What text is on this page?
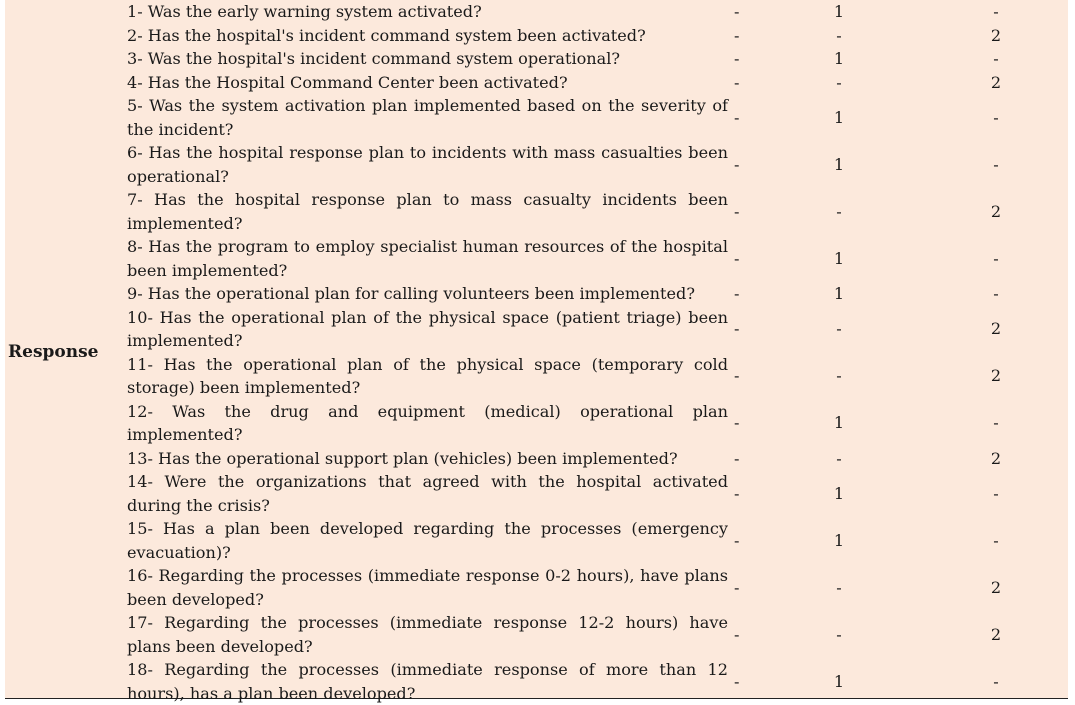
Response	1- Was the early warning system activated?	-	1	-
	2- Has the hospital's incident command system been activated?	-	-	2
	3- Was the hospital's incident command system operational?	-	1	-
	4- Has the Hospital Command Center been activated?	-	-	2
	5- Was the system activation plan implemented based on the severity of the incident?	-	1	-
	6- Has the hospital response plan to incidents with mass casualties been operational?	-	1	-
	7- Has the hospital response plan to mass casualty incidents been implemented?	-	-	2
	8- Has the program to employ specialist human resources of the hospital been implemented?	-	1	-
	9- Has the operational plan for calling volunteers been implemented?	-	1	-
	10- Has the operational plan of the physical space (patient triage) been implemented?	-	-	2
	11- Has the operational plan of the physical space (temporary cold storage) been implemented?	-	-	2
	12- Was the drug and equipment (medical) operational plan implemented?	-	1	-
	13- Has the operational support plan (vehicles) been implemented?	-	-	2
	14- Were the organizations that agreed with the hospital activated during the crisis?	-	1	-
	15- Has a plan been developed regarding the processes (emergency evacuation)?	-	1	-
	16- Regarding the processes (immediate response 0-2 hours), have plans been developed?	-	-	2
	17- Regarding the processes (immediate response 12-2 hours) have plans been developed?	-	-	2
	18- Regarding the processes (immediate response of more than 12 hours), has a plan been developed?	-	1	-
